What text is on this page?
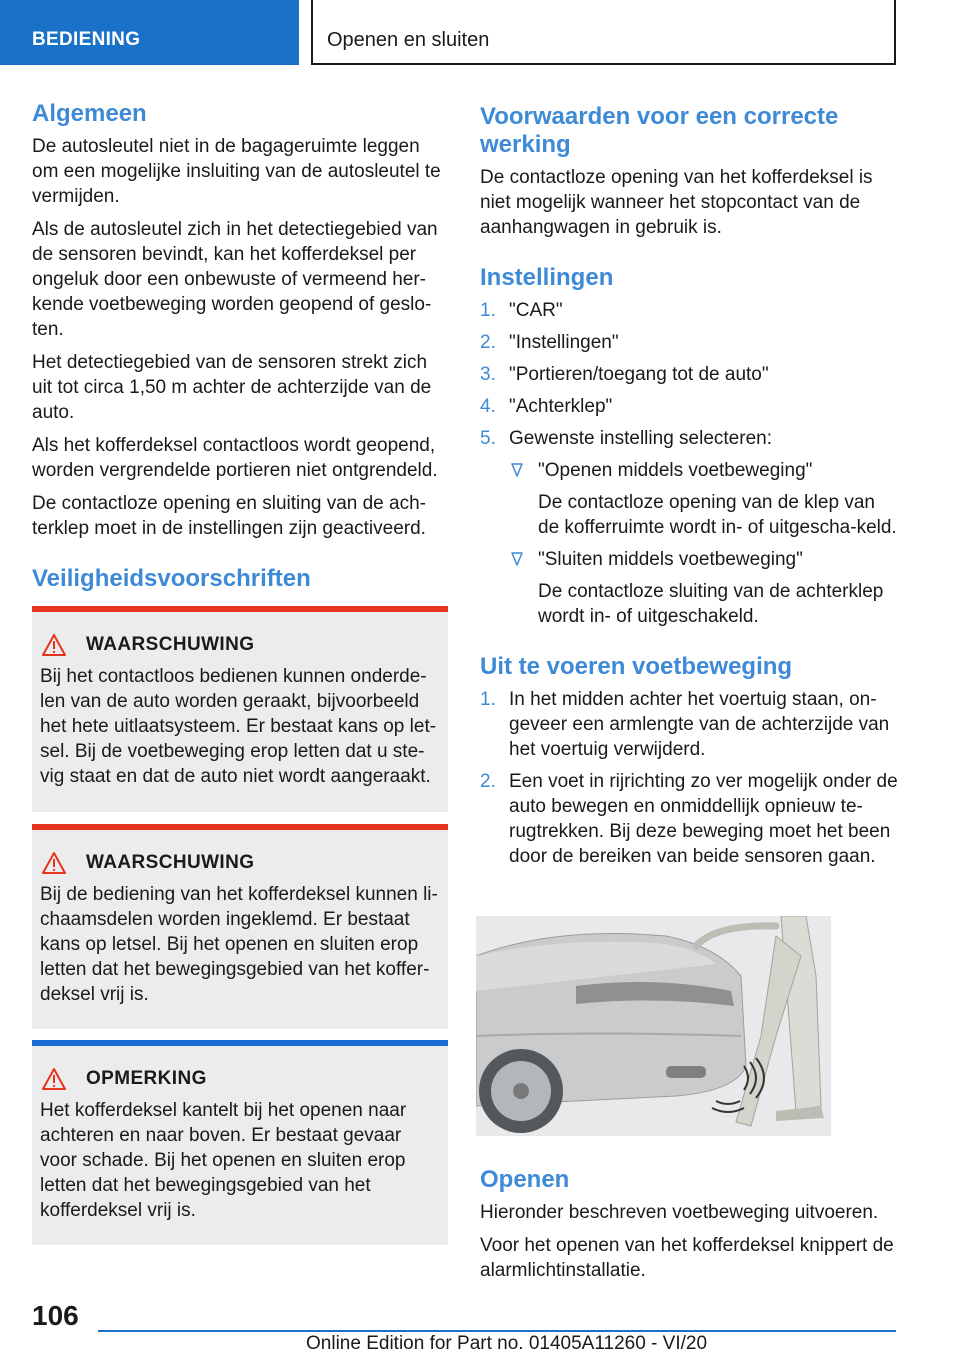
BEDIENING	Openen en sluiten
Algemeen

De autosleutel niet in de bagageruimte leggen om een mogelijke insluiting van de autosleutel te vermijden.

Als de autosleutel zich in het detectiegebied van de sensoren bevindt, kan het kofferdeksel per ongeluk door een onbewuste of vermeend her‐kende voetbeweging worden geopend of geslo‐ten.

Het detectiegebied van de sensoren strekt zich uit tot circa 1,50 m achter de achterzijde van de auto.

Als het kofferdeksel contactloos wordt geopend, worden vergrendelde portieren niet ontgrendeld.

De contactloze opening en sluiting van de ach‐terklep moet in de instellingen zijn geactiveerd.

Veiligheidsvoorschriften
WAARSCHUWING
Bij het contactloos bedienen kunnen onderde‐len van de auto worden geraakt, bijvoorbeeld het hete uitlaatsysteem. Er bestaat kans op let‐sel. Bij de voetbeweging erop letten dat u ste‐vig staat en dat de auto niet wordt aangeraakt.
WAARSCHUWING
Bij de bediening van het kofferdeksel kunnen li‐chaamsdelen worden ingeklemd. Er bestaat kans op letsel. Bij het openen en sluiten erop letten dat het bewegingsgebied van het koffer‐deksel vrij is.
OPMERKING
Het kofferdeksel kantelt bij het openen naar achteren en naar boven. Er bestaat gevaar voor schade. Bij het openen en sluiten erop letten dat het bewegingsgebied van het kofferdeksel vrij is.
Voorwaarden voor een correcte werking

De contactloze opening van het kofferdeksel is niet mogelijk wanneer het stopcontact van de aanhangwagen in gebruik is.

Instellingen
1. "CAR"
2. "Instellingen"
3. "Portieren/toegang tot de auto"
4. "Achterklep"
5. Gewenste instelling selecteren:
"Openen middels voetbeweging"
De contactloze opening van de klep van de kofferruimte wordt in- of uitgescha‐keld.
"Sluiten middels voetbeweging"
De contactloze sluiting van de achterklep wordt in- of uitgeschakeld.
Uit te voeren voetbeweging
1. In het midden achter het voertuig staan, on‐geveer een armlengte van de achterzijde van het voertuig verwijderd.
2. Een voet in rijrichting zo ver mogelijk onder de auto bewegen en onmiddellijk opnieuw te‐rugtrekken. Bij deze beweging moet het been door de bereiken van beide sensoren gaan.
Openen

Hieronder beschreven voetbeweging uitvoeren.

Voor het openen van het kofferdeksel knippert de alarmlichtinstallatie.

106
Online Edition for Part no. 01405A11260 - VI/20
